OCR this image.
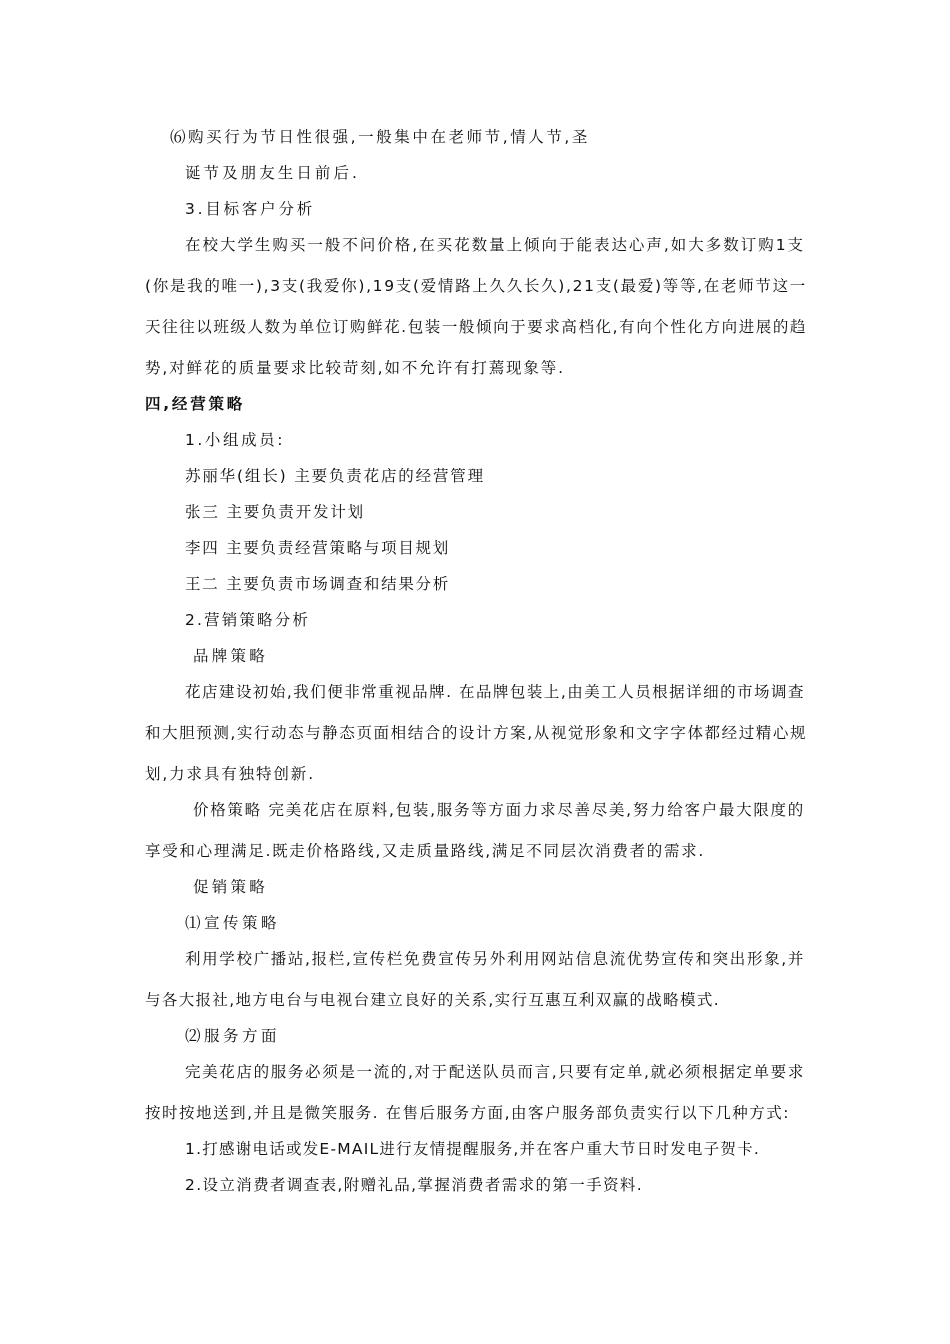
⑹购买行为节日性很强,一般集中在老师节,情人节,圣
诞节及朋友生日前后.
3.目标客户分析
在校大学生购买一般不问价格,在买花数量上倾向于能表达心声,如大多数订购1支
(你是我的唯一),3支(我爱你),19支(爱情路上久久长久),21支(最爱)等等,在老师节这一
天往往以班级人数为单位订购鲜花.包装一般倾向于要求高档化,有向个性化方向进展的趋
势,对鲜花的质量要求比较苛刻,如不允许有打蔫现象等.
四,经营策略
1.小组成员:
苏丽华(组长) 主要负责花店的经营管理
张三 主要负责开发计划
李四 主要负责经营策略与项目规划
王二 主要负责市场调查和结果分析
2.营销策略分析
品牌策略
花店建设初始,我们便非常重视品牌. 在品牌包装上,由美工人员根据详细的市场调查
和大胆预测,实行动态与静态页面相结合的设计方案,从视觉形象和文字字体都经过精心规
划,力求具有独特创新.
价格策略 完美花店在原料,包装,服务等方面力求尽善尽美,努力给客户最大限度的
享受和心理满足.既走价格路线,又走质量路线,满足不同层次消费者的需求.
促销策略
⑴宣传策略
利用学校广播站,报栏,宣传栏免费宣传另外利用网站信息流优势宣传和突出形象,并
与各大报社,地方电台与电视台建立良好的关系,实行互惠互利双赢的战略模式.
⑵服务方面
完美花店的服务必须是一流的,对于配送队员而言,只要有定单,就必须根据定单要求
按时按地送到,并且是微笑服务. 在售后服务方面,由客户服务部负责实行以下几种方式:
1.打感谢电话或发E-MAIL进行友情提醒服务,并在客户重大节日时发电子贺卡.
2.设立消费者调查表,附赠礼品,掌握消费者需求的第一手资料.
